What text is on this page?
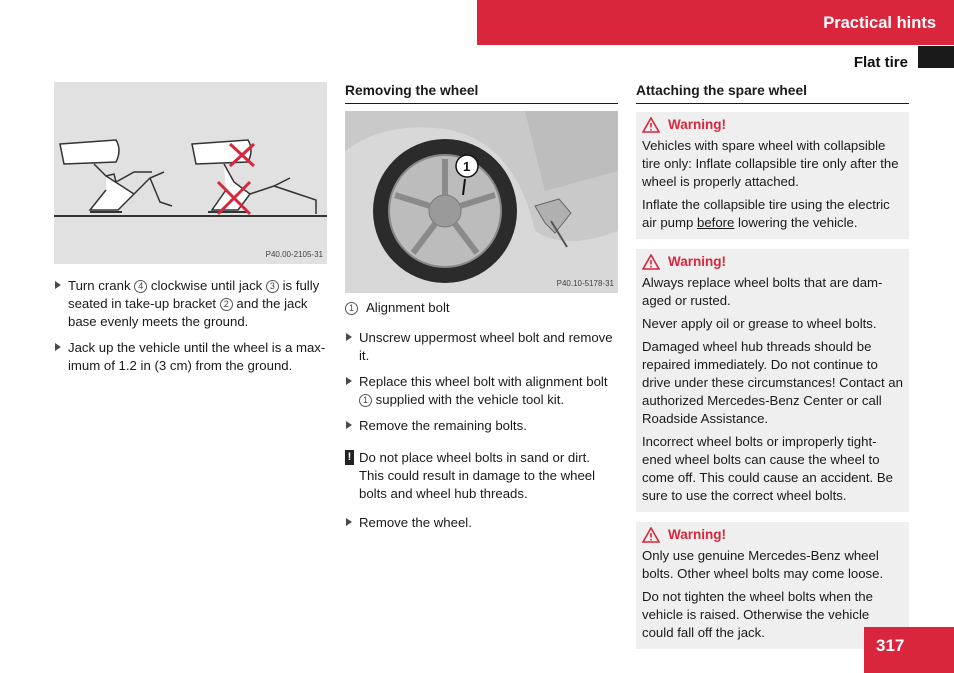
Practical hints
Flat tire
P40.00-2105-31
Turn crank 4 clockwise until jack 3 is fully seated in take-up bracket 2 and the jack base evenly meets the ground.
Jack up the vehicle until the wheel is a max-imum of 1.2 in (3 cm) from the ground.
Removing the wheel
1
P40.10-5178-31
1 Alignment bolt
Unscrew uppermost wheel bolt and remove it.
Replace this wheel bolt with alignment bolt 1 supplied with the vehicle tool kit.
Remove the remaining bolts.
! Do not place wheel bolts in sand or dirt. This could result in damage to the wheel bolts and wheel hub threads.
Remove the wheel.
Attaching the spare wheel
Warning!

Vehicles with spare wheel with collapsible tire only: Inflate collapsible tire only after the wheel is properly attached.

Inflate the collapsible tire using the electric air pump before lowering the vehicle.

Warning!

Always replace wheel bolts that are dam-aged or rusted.

Never apply oil or grease to wheel bolts.

Damaged wheel hub threads should be repaired immediately. Do not continue to drive under these circumstances! Contact an authorized Mercedes-Benz Center or call Roadside Assistance.

Incorrect wheel bolts or improperly tight-ened wheel bolts can cause the wheel to come off. This could cause an accident. Be sure to use the correct wheel bolts.

Warning!

Only use genuine Mercedes-Benz wheel bolts. Other wheel bolts may come loose.

Do not tighten the wheel bolts when the vehicle is raised. Otherwise the vehicle could fall off the jack.

317
